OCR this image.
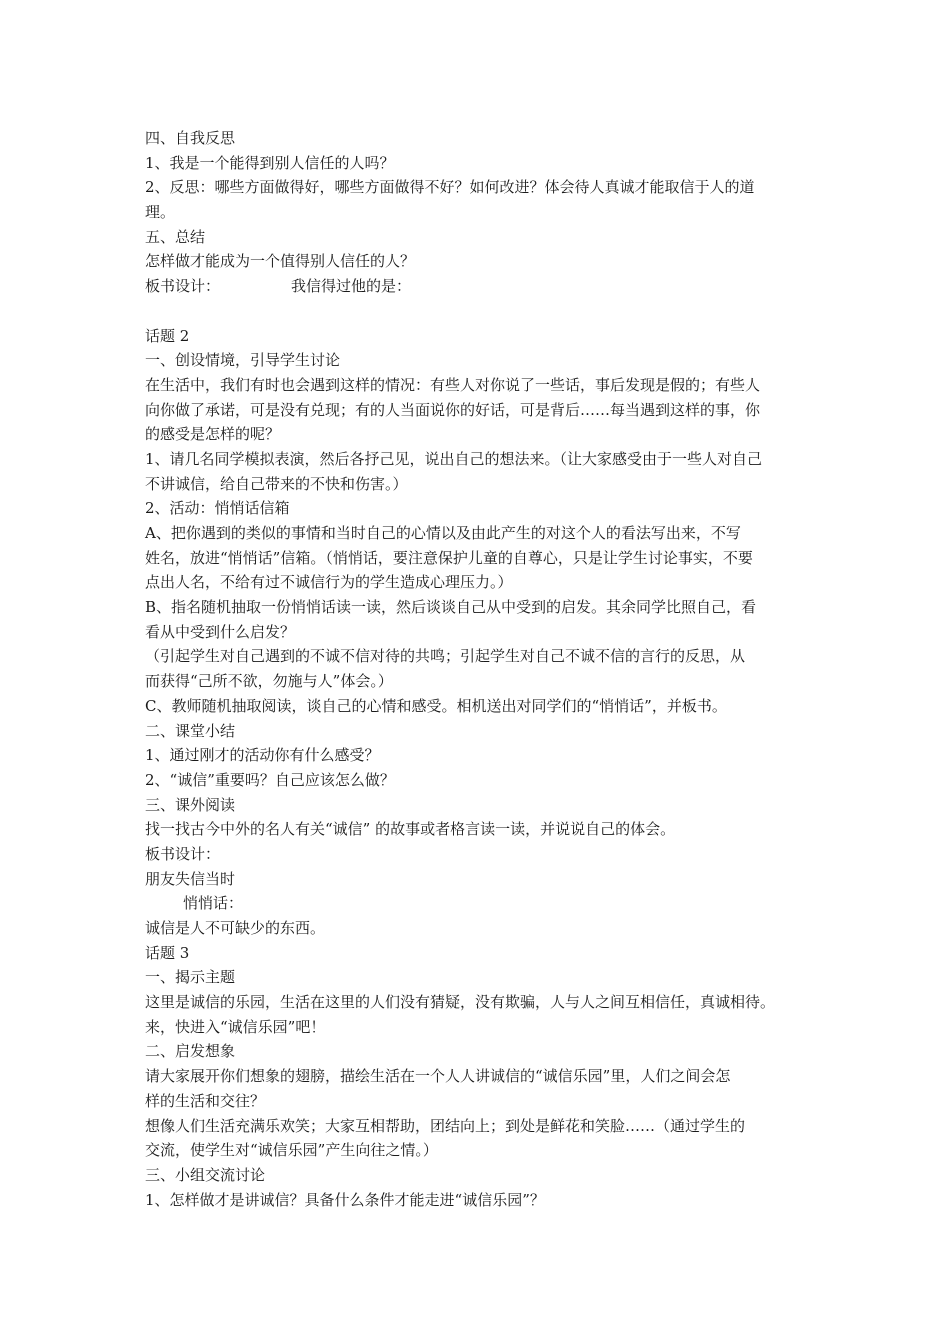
四、自我反思
1、我是一个能得到别人信任的人吗？
2、反思：哪些方面做得好，哪些方面做得不好？如何改进？体会待人真诚才能取信于人的道
理。
五、总结
怎样做才能成为一个值得别人信任的人？
板书设计：	我信得过他的是：
话题 2
一、创设情境，引导学生讨论
在生活中，我们有时也会遇到这样的情况：有些人对你说了一些话，事后发现是假的；有些人
向你做了承诺，可是没有兑现；有的人当面说你的好话，可是背后……每当遇到这样的事，你
的感受是怎样的呢？
1、请几名同学模拟表演，然后各抒己见，说出自己的想法来。（让大家感受由于一些人对自己
不讲诚信，给自己带来的不快和伤害。）
2、活动：悄悄话信箱
A、把你遇到的类似的事情和当时自己的心情以及由此产生的对这个人的看法写出来，不写
姓名，放进“悄悄话”信箱。（悄悄话，要注意保护儿童的自尊心，只是让学生讨论事实，不要
点出人名，不给有过不诚信行为的学生造成心理压力。）
B、指名随机抽取一份悄悄话读一读，然后谈谈自己从中受到的启发。其余同学比照自己，看
看从中受到什么启发？
（引起学生对自己遇到的不诚不信对待的共鸣；引起学生对自己不诚不信的言行的反思，从
而获得“己所不欲，勿施与人”体会。）
C、教师随机抽取阅读，谈自己的心情和感受。相机送出对同学们的“悄悄话”，并板书。
二、课堂小结
1、通过刚才的活动你有什么感受？
2、“诚信”重要吗？自己应该怎么做？
三、课外阅读
找一找古今中外的名人有关“诚信” 的故事或者格言读一读，并说说自己的体会。
板书设计：
朋友失信当时
悄悄话：
诚信是人不可缺少的东西。
话题 3
一、揭示主题
这里是诚信的乐园，生活在这里的人们没有猜疑，没有欺骗，人与人之间互相信任，真诚相待。
来，快进入“诚信乐园”吧！
二、启发想象
请大家展开你们想象的翅膀，描绘生活在一个人人讲诚信的“诚信乐园”里，人们之间会怎
样的生活和交往？
想像人们生活充满乐欢笑；大家互相帮助，团结向上；到处是鲜花和笑脸……（通过学生的
交流，使学生对“诚信乐园”产生向往之情。）
三、小组交流讨论
1、怎样做才是讲诚信？具备什么条件才能走进“诚信乐园”？
